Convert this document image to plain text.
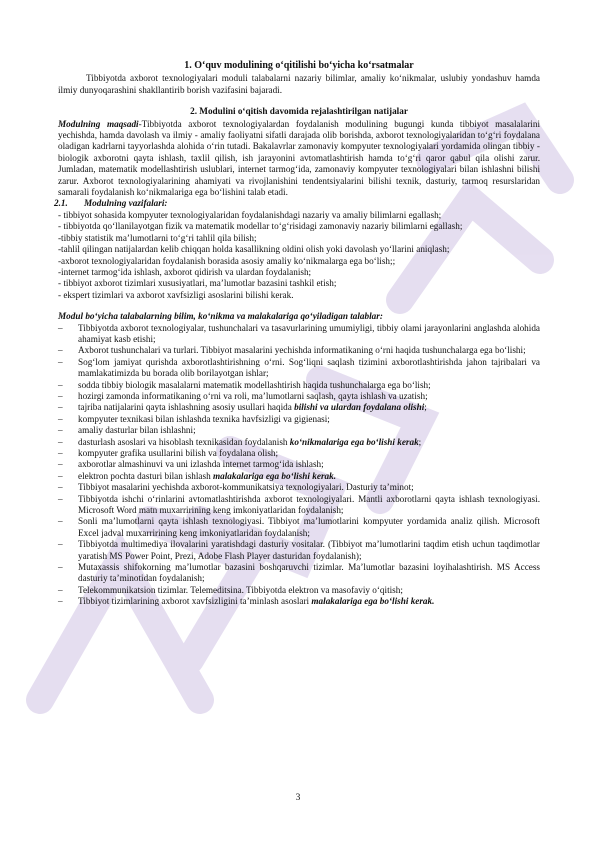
1. O‘quv modulining o‘qitilishi bo‘yicha ko‘rsatmalar
Tibbiyotda axborot texnologiyalari moduli talabalarni nazariy bilimlar, amaliy ko‘nikmalar, uslubiy yondashuv hamda ilmiy dunyoqarashini shakllantirib borish vazifasini bajaradi.
2. Modulini o‘qitish davomida rejalashtirilgan natijalar
Modulning maqsadi-Tibbiyotda axborot texnologiyalardan foydalanish modulining bugungi kunda tibbiyot masalalarini yechishda, hamda davolash va ilmiy - amaliy faoliyatni sifatli darajada olib borishda, axborot texnologiyalaridan to‘g‘ri foydalana oladigan kadrlarni tayyorlashda alohida o‘rin tutadi. Bakalavrlar zamonaviy kompyuter texnologiyalari yordamida olingan tibbiy - biologik axborotni qayta ishlash, taxlil qilish, ish jarayonini avtomatlashtirish hamda to‘g‘ri qaror qabul qila olishi zarur. Jumladan, matematik modellashtirish uslublari, internet tarmog‘ida, zamonaviy kompyuter texnologiyalari bilan ishlashni bilishi zarur. Axborot texnologiyalarining ahamiyati va rivojlanishini tendentsiyalarini bilishi texnik, dasturiy, tarmoq resurslaridan samarali foydalanish ko‘nikmalariga ega bo‘lishini talab etadi.
2.1. Modulning vazifalari:
- tibbiyot sohasida kompyuter texnologiyalaridan foydalanishdagi nazariy va amaliy bilimlarni egallash;
- tibbiyotda qo‘llanilayotgan fizik va matematik modellar to‘g‘risidagi zamonaviy nazariy bilimlarni egallash;
-tibbiy statistik ma’lumotlarni to‘g‘ri tahlil qila bilish;
-tahlil qilingan natijalardan kelib chiqqan holda kasallikning oldini olish yoki davolash yo‘llarini aniqlash;
-axborot texnologiyalaridan foydalanish borasida asosiy amaliy ko‘nikmalarga ega bo‘lish;;
-internet tarmog‘ida ishlash, axborot qidirish va ulardan foydalanish;
- tibbiyot axborot tizimlari xususiyatlari, ma’lumotlar bazasini tashkil etish;
- ekspert tizimlari va axborot xavfsizligi asoslarini bilishi kerak.
Modul bo‘yicha talabalarning bilim, ko‘nikma va malakalariga qo‘yiladigan talablar:
– Tibbiyotda axborot texnologiyalar, tushunchalari va tasavurlarining umumiyligi, tibbiy olami jarayonlarini anglashda alohida ahamiyat kasb etishi;
– Axborot tushunchalari va turlari. Tibbiyot masalarini yechishda informatikaning o‘rni haqida tushunchalarga ega bo‘lishi;
– Sog‘lom jamiyat qurishda axborotlashtirishning o‘rni. Sog‘liqni saqlash tizimini axborotlashtirishda jahon tajribalari va mamlakatimizda bu borada olib borilayotgan ishlar;
– sodda tibbiy biologik masalalarni matematik modellashtirish haqida tushunchalarga ega bo‘lish;
– hozirgi zamonda informatikaning o‘rni va roli, ma’lumotlarni saqlash, qayta ishlash va uzatish;
– tajriba natijalarini qayta ishlashning asosiy usullari haqida bilishi va ulardan foydalana olishi;
– kompyuter texnikasi bilan ishlashda texnika havfsizligi va gigienasi;
– amaliy dasturlar bilan ishlashni;
– dasturlash asoslari va hisoblash texnikasidan foydalanish ko‘nikmalariga ega bo‘lishi kerak;
– kompyuter grafika usullarini bilish va foydalana olish;
– axborotlar almashinuvi va uni izlashda internet tarmog‘ida ishlash;
– elektron pochta dasturi bilan ishlash malakalariga ega bo‘lishi kerak.
– Tibbiyot masalarini yechishda axborot-kommunikatsiya texnologiyalari. Dasturiy ta’minot;
– Tibbiyotda ishchi o‘rinlarini avtomatlashtirishda axborot texnologiyalari. Mantli axborotlarni qayta ishlash texnologiyasi. Microsoft Word matn muxarririning keng imkoniyatlaridan foydalanish;
– Sonli ma’lumotlarni qayta ishlash texnologiyasi. Tibbiyot ma’lumotlarini kompyuter yordamida analiz qilish. Microsoft Excel jadval muxarririning keng imkoniyatlaridan foydalanish;
– Tibbiyotda multimediya ilovalarini yaratishdagi dasturiy vositalar. (Tibbiyot ma’lumotlarini taqdim etish uchun taqdimotlar yaratish MS Power Point, Prezi, Adobe Flash Player dasturidan foydalanish);
– Mutaxassis shifokorning ma’lumotlar bazasini boshqaruvchi tizimlar. Ma’lumotlar bazasini loyihalashtirish. MS Access dasturiy ta’minotidan foydalanish;
– Telekommunikatsion tizimlar. Telemeditsina. Tibbiyotda elektron va masofaviy o‘qitish;
– Tibbiyot tizimlarining axborot xavfsizligini ta’minlash asoslari malakalariga ega bo‘lishi kerak.
3
